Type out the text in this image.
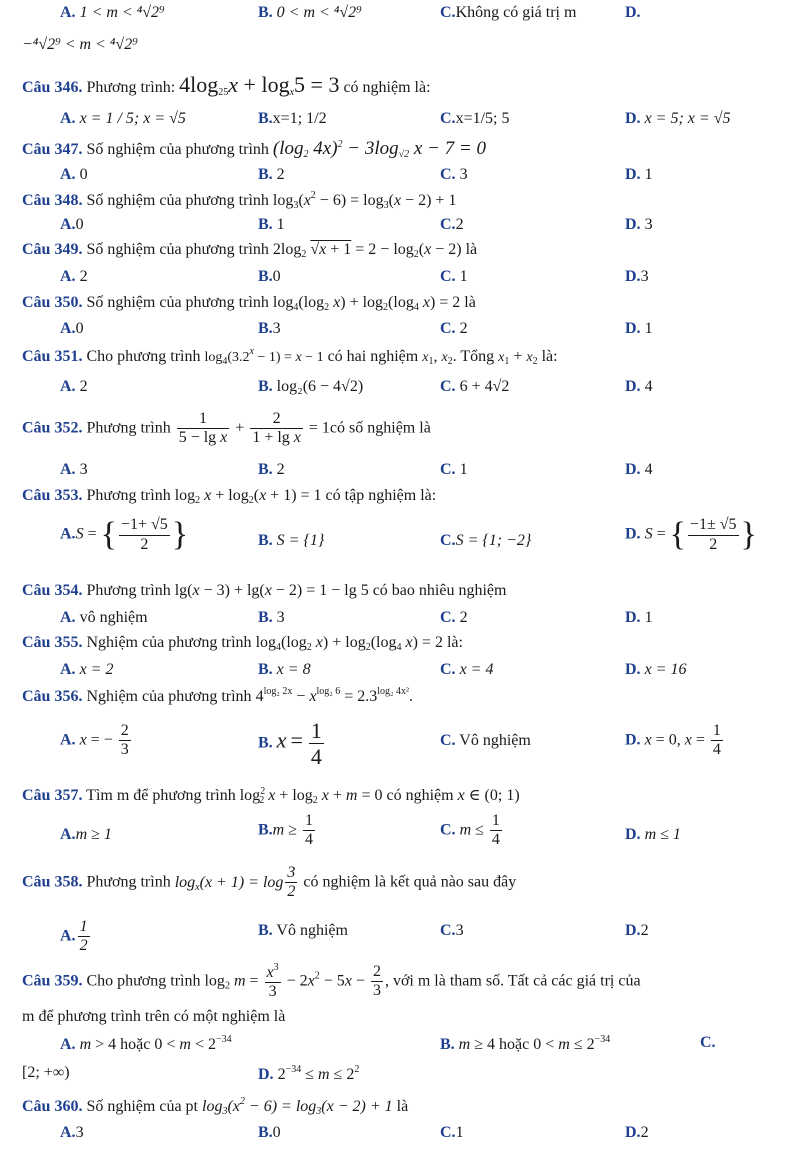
A. 1 < m < ⁴√2⁹	B. 0 < m < ⁴√2⁹	C.Không có giá trị m	D.
−⁴√2⁹ < m < ⁴√2⁹
Câu 346. Phương trình: $4\log_{25}x + \log_x5 = 3$ có nghiệm là:
A. x = 1 / 5; x = √5	B.x=1; 1/2	C.x=1/5; 5	D. x = 5; x = √5
Câu 347. Số nghiệm của phương trình ($\log_2$ $4x)^2 - 3\log_{√2}$ x − 7 = 0
A. 0	B. 2	C. 3	D. 1
Câu 348. Số nghiệm của phương trình $\log_3(x^2 - 6) = \log_3(x - 2) + 1$
A.0	B. 1	C.2	D. 3
Câu 349. Số nghiệm của phương trình $2\log_2$ $√x + 1 = 2 - \log_2(x - 2)$ là
A. 2	B.0	C. 1	D.3
Câu 350. Số nghiệm của phương trình $\log_4(\log_2$ $x) + \log_2(\log_4$ x) = 2 là
A.0	B.3	C. 2	D. 1
Câu 351. Cho phương trình $\log_4(3.2^x - 1) = x - 1$ có hai nghiệm $x_1$, $x_2$. Tổng $x_1 + x_2$ là:
A. 2	B. log₂(6 − 4√2)	C. 6 + 4√2	D. 4
Câu 352. Phương trình $\frac{1}{\text{5 − lg x}} + \frac{2}{\text{1 + lg x}}$ = 1có số nghiệm là
A. 3	B. 2	C. 1	D. 4
Câu 353. Phương trình $\log_2 x + \log_2(x + 1) = 1$ có tập nghiệm là:
A.S = { $\frac{-1+ √5}{2}$ }	B. S = {1}	C.S = {1; −2}	D. S = { $\frac{-1\pm √5}{2}$ }
Câu 354. Phương trình lg(x − 3) + lg(x − 2) = 1 − lg 5 có bao nhiêu nghiệm
A. vô nghiệm	B. 3	C. 2	D. 1
Câu 355. Nghiệm của phương trình $\log_4(\log_2$ $x) + \log_2(\log_4$ x) = 2 là:
A. x = 2	B. x = 8	C. x = 4	D. x = 16
Câu 356. Nghiệm của phương trình $4^{log_2 2x} - x^{log_2 6} = 2.3^{log_2 4x^2}$.
A. x = − $\frac{2}{3}$	B. $x = \frac{1}{4}$	C. Vô nghiệm	D. x = 0, $x = \frac{1}{4}$
Câu 357. Tìm m để phương trình $\log^2_2 x + \log_2 x + m = 0$ có nghiệm x ∈ (0; 1)
A.m ≥ 1	$B.m \ge \frac{1}{4}$	C. $m \le \frac{1}{4}$	D. m ≤ 1
Câu 358. Phương trình $\log_x(x + 1) = \log \frac{3}{2}$ có nghiệm là kết quả nào sau đây
A. $\frac{1}{2}$	B. Vô nghiệm	C.3	D.2
Câu 359. Cho phương trình $\log_2 m = \frac{x^3}{3} - 2x^2 - 5x - \frac{2}{3}$ , với m là tham số. Tất cả các giá trị của
m để phương trình trên có một nghiệm là
A. m > 4 hoặc $0 < m < 2^{-34}$	B. m ≥ 4 hoặc $0 < m \le 2^{-34}$	C.
[2; +∞)	D. $2^{-34} \le m \le 2^2$
Câu 360. Số nghiệm của pt $\log_3(x^2 - 6) = \log_3(x - 2) + 1$ là
A.3	B.0	C.1	D.2
